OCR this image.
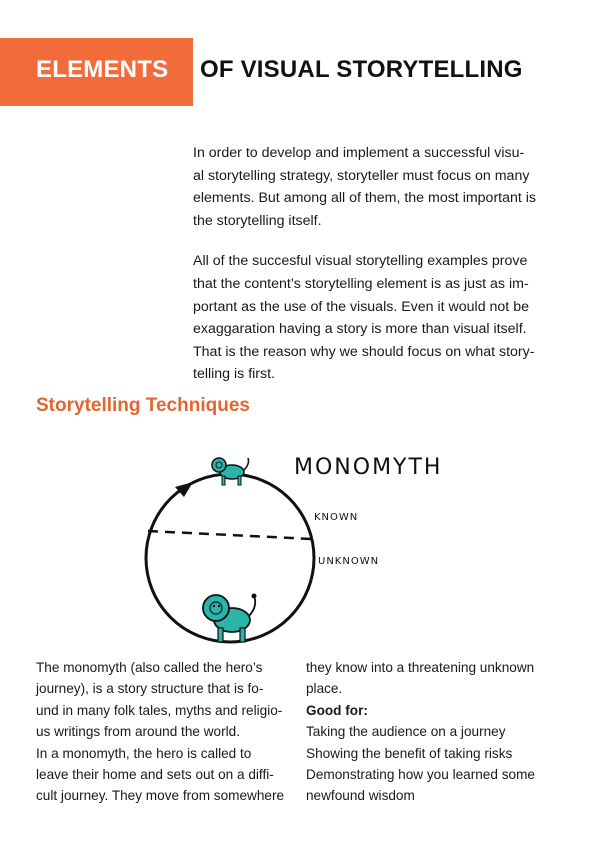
ELEMENTS OF VISUAL STORYTELLING

In order to develop and implement a successful visu-
al storytelling strategy, storyteller must focus on many
elements. But among all of them, the most important is
the storytelling itself.

All of the succesful visual storytelling examples prove
that the content’s storytelling element is as just as im-
portant as the use of the visuals. Even it would not be
exaggaration having a story is more than visual itself.
That is the reason why we should focus on what story-
telling is first.

Storytelling Techniques
MONOMYTH
KNOWN
UNKNOWN
The monomyth (also called the hero’s
journey), is a story structure that is fo-
und in many folk tales, myths and religio-
us writings from around the world.
In a monomyth, the hero is called to
leave their home and sets out on a diffi-
cult journey. They move from somewhere
they know into a threatening unknown
place.
Good for:
Taking the audience on a journey
Showing the benefit of taking risks
Demonstrating how you learned some
newfound wisdom
